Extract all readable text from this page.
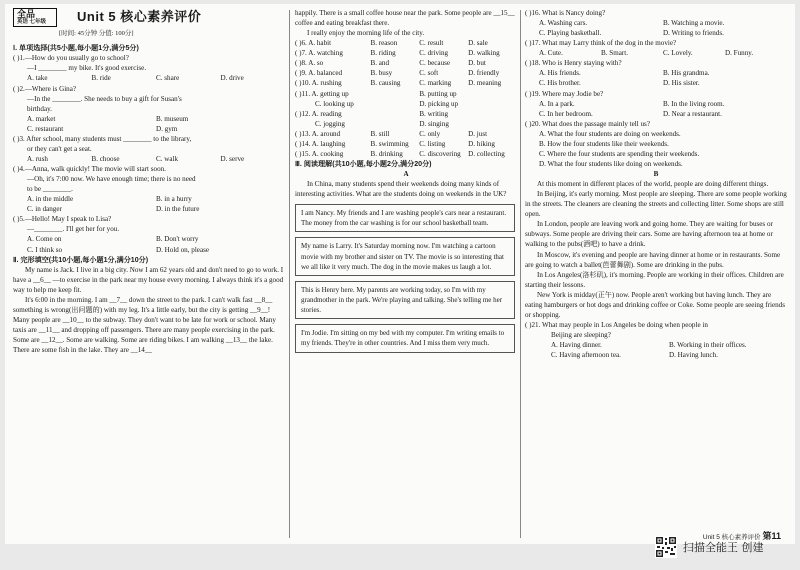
全品
英语 七年级	Unit 5 核心素养评价
[时间: 45分钟 分值: 100分]

Ⅰ. 单项选择(共5小题,每小题1分,满分5分)

( )1.—How do you usually go to school?

—I ________ my bike. It's good exercise.

A. take	B. ride	C. share	D. drive

( )2.—Where is Gina?

—In the ________. She needs to buy a gift for Susan's

birthday.

A. market	B. museum
C. restaurant	D. gym

( )3. After school, many students must ________ to the library,

or they can't get a seat.

A. rush	B. choose	C. walk	D. serve

( )4.—Anna, walk quickly! The movie will start soon.

—Oh, it's 7:00 now. We have enough time; there is no need

to be ________.

A. in the middle	B. in a hurry
C. in danger	D. in the future

( )5.—Hello! May I speak to Lisa?

—________. I'll get her for you.

A. Come on	B. Don't worry
C. I think so	D. Hold on, please

Ⅱ. 完形填空(共10小题,每小题1分,满分10分)

My name is Jack. I live in a big city. Now I am 62 years old and don't need to go to work. I have a __6__ —to exercise in the park near my house every morning. I always think it's a good way to help me keep fit.

It's 6:00 in the morning. I am __7__ down the street to the park. I can't walk fast __8__ something is wrong(出问题的) with my leg. It's a little early, but the city is getting __9__! Many people are __10__ to the subway. They don't want to be late for work or school. Many taxis are __11__ and dropping off passengers. There are many people exercising in the park. Some are __12__. Some are walking. Some are riding bikes. I am walking __13__ the lake. There are some fish in the lake. They are __14__

happily. There is a small coffee house near the park. Some people are __15__ coffee and eating breakfast there.

I really enjoy the morning life of the city.

( )6. A. habit	B. reason	C. result	D. sale
( )7. A. watching	B. riding	C. driving	D. walking
( )8. A. so	B. and	C. because	D. but
( )9. A. balanced	B. busy	C. soft	D. friendly
( )10. A. rushing	B. causing	C. marking	D. meaning
( )11. A. getting up	B. putting up
C. looking up	D. picking up
( )12. A. reading	B. writing
C. jogging	D. singing
( )13. A. around	B. still	C. only	D. just
( )14. A. laughing	B. swimming	C. listing	D. hiking
( )15. A. cooking	B. drinking	C. discovering	D. collecting

Ⅲ. 阅读理解(共10小题,每小题2分,满分20分)

A

In China, many students spend their weekends doing many kinds of interesting activities. What are the students doing on weekends in the UK?

I am Nancy. My friends and I are washing people's cars near a restaurant. The money from the car washing is for our school basketball team.
My name is Larry. It's Saturday morning now. I'm watching a cartoon movie with my brother and sister on TV. The movie is so interesting that we all like it very much. The dog in the movie makes us laugh a lot.
This is Henry here. My parents are working today, so I'm with my grandmother in the park. We're playing and talking. She's telling me her stories.
I'm Jodie. I'm sitting on my bed with my computer. I'm writing emails to my friends. They're in other countries. And I miss them very much.

( )16. What is Nancy doing?

A. Washing cars.	B. Watching a movie.
C. Playing basketball.	D. Writing to friends.

( )17. What may Larry think of the dog in the movie?

A. Cute.	B. Smart.	C. Lovely.	D. Funny.

( )18. Who is Henry staying with?

A. His friends.	B. His grandma.
C. His brother.	D. His sister.

( )19. Where may Jodie be?

A. In a park.	B. In the living room.
C. In her bedroom.	D. Near a restaurant.

( )20. What does the passage mainly tell us?

A. What the four students are doing on weekends.

B. How the four students like their weekends.

C. Where the four students are spending their weekends.

D. What the four students like doing on weekends.

B

At this moment in different places of the world, people are doing different things.

In Beijing, it's early morning. Most people are sleeping. There are some people working in the streets. The cleaners are cleaning the streets and collecting litter. Some shops are still open.

In London, people are leaving work and going home. They are waiting for buses or subways. Some people are driving their cars. Some are having afternoon tea at home or walking to the pubs(酒吧) to have a drink.

In Moscow, it's evening and people are having dinner at home or in restaurants. Some are going to watch a ballet(芭蕾舞剧). Some are drinking in the pubs.

In Los Angeles(洛杉矶), it's morning. People are working in their offices. Children are starting their lessons.

New York is midday(正午) now. People aren't working but having lunch. They are eating hamburgers or hot dogs and drinking coffee or Coke. Some people are seeing friends or shopping.

( )21. What may people in Los Angeles be doing when people in

Beijing are sleeping?

A. Having dinner.	B. Working in their offices.
C. Having afternoon tea.	D. Having lunch.
Unit 5 核心素养评价 第11
扫描全能王 创建
